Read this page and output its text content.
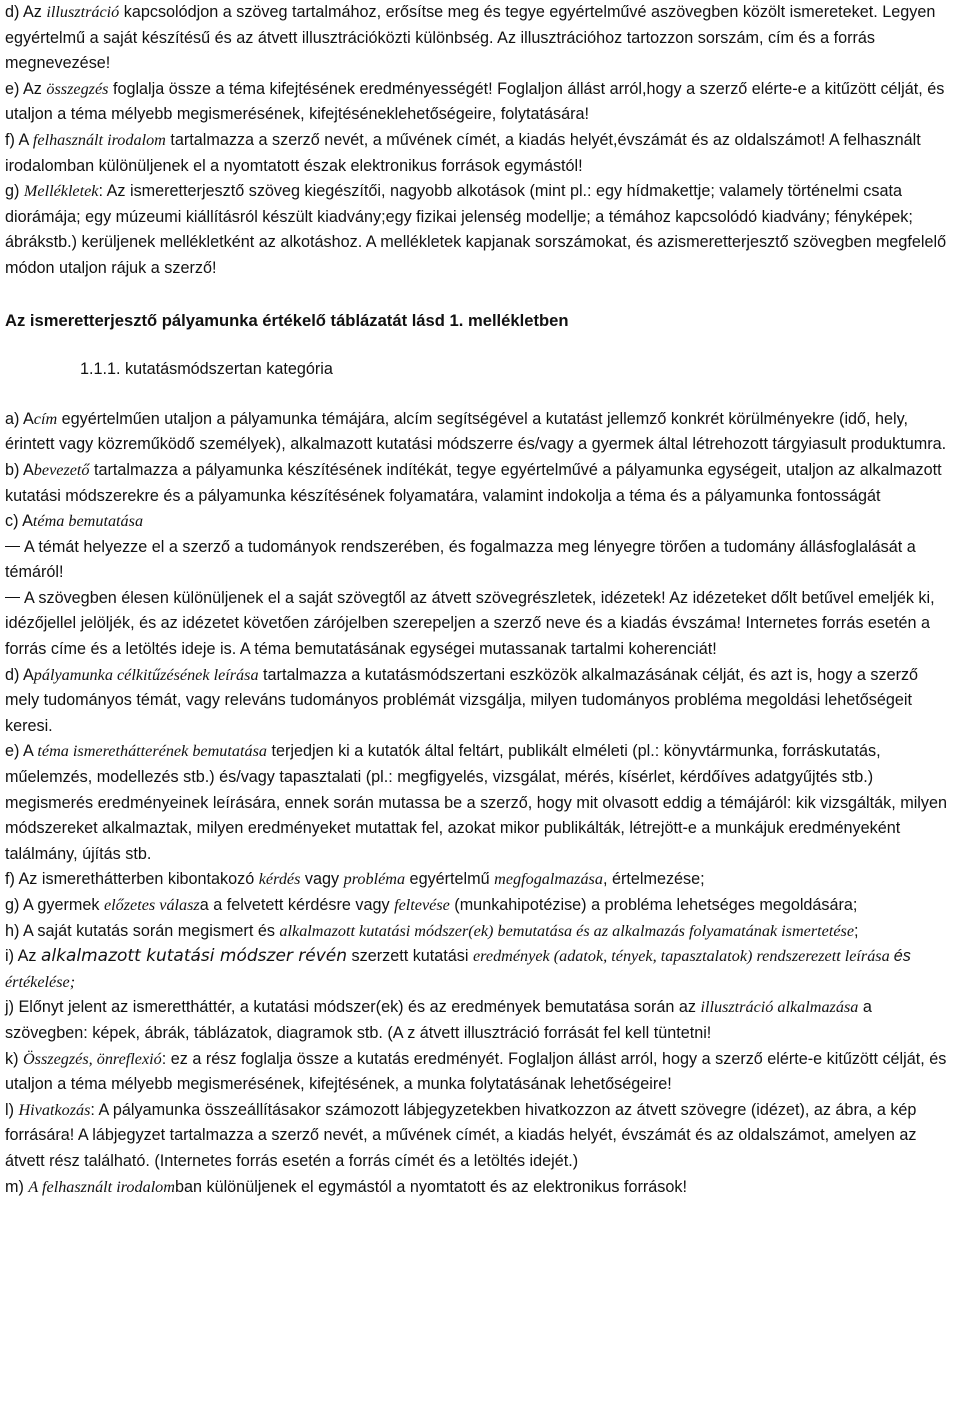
d) Az illusztráció kapcsolódjon a szöveg tartalmához, erősítse meg és tegye egyértelművé aszövegben közölt ismereteket. Legyen egyértelmű a saját készítésű és az átvett illusztrációközti különbség. Az illusztrációhoz tartozzon sorszám, cím és a forrás megnevezése!

e) Az összegzés foglalja össze a téma kifejtésének eredményességét! Foglaljon állást arról,hogy a szerző elérte-e a kitűzött célját, és utaljon a téma mélyebb megismerésének, kifejtéséneklehetőségeire, folytatására!

f) A felhasznált irodalom tartalmazza a szerző nevét, a művének címét, a kiadás helyét,évszámát és az oldalszámot! A felhasznált irodalomban különüljenek el a nyomtatott észak elektronikus források egymástól!

g) Mellékletek: Az ismeretterjesztő szöveg kiegészítői, nagyobb alkotások (mint pl.: egy hídmakettje; valamely történelmi csata diorámája; egy múzeumi kiállításról készült kiadvány;egy fizikai jelenség modellje; a témához kapcsolódó kiadvány; fényképek; ábrákstb.) kerüljenek mellékletként az alkotáshoz. A mellékletek kapjanak sorszámokat, és azismeretterjesztő szövegben megfelelő módon utaljon rájuk a szerző!

Az ismeretterjesztő pályamunka értékelő táblázatát lásd 1. mellékletben

1.1.1. kutatásmódszertan kategória

a) Acím egyértelműen utaljon a pályamunka témájára, alcím segítségével a kutatást jellemző konkrét körülményekre (idő, hely, érintett vagy közreműködő személyek), alkalmazott kutatási módszerre és/vagy a gyermek által létrehozott tárgyiasult produktumra.

b) Abevezető tartalmazza a pályamunka készítésének indítékát, tegye egyértelművé a pályamunka egységeit, utaljon az alkalmazott kutatási módszerekre és a pályamunka készítésének folyamatára, valamint indokolja a téma és a pályamunka fontosságát

c) Atéma bemutatása

A témát helyezze el a szerző a tudományok rendszerében, és fogalmazza meg lényegre törően a tudomány állásfoglalását a témáról!

A szövegben élesen különüljenek el a saját szövegtől az átvett szövegrészletek, idézetek! Az idézeteket dőlt betűvel emeljék ki, idézőjellel jelöljék, és az idézetet követően zárójelben szerepeljen a szerző neve és a kiadás évszáma! Internetes forrás esetén a forrás címe és a letöltés ideje is. A téma bemutatásának egységei mutassanak tartalmi koherenciát!

d) Apályamunka célkitűzésének leírása tartalmazza a kutatásmódszertani eszközök alkalmazásának célját, és azt is, hogy a szerző mely tudományos témát, vagy releváns tudományos problémát vizsgálja, milyen tudományos probléma megoldási lehetőségeit keresi.

e) A téma ismerethátterének bemutatása terjedjen ki a kutatók által feltárt, publikált elméleti (pl.: könyvtármunka, forráskutatás, műelemzés, modellezés stb.) és/vagy tapasztalati (pl.: megfigyelés, vizsgálat, mérés, kísérlet, kérdőíves adatgyűjtés stb.) megismerés eredményeinek leírására, ennek során mutassa be a szerző, hogy mit olvasott eddig a témájáról: kik vizsgálták, milyen módszereket alkalmaztak, milyen eredményeket mutattak fel, azokat mikor publikálták, létrejött-e a munkájuk eredményeként találmány, újítás stb.

f) Az ismerethátterben kibontakozó kérdés vagy probléma egyértelmű megfogalmazása, értelmezése;

g) A gyermek előzetes válasza a felvetett kérdésre vagy feltevése (munkahipotézise) a probléma lehetséges megoldására;

h) A saját kutatás során megismert és alkalmazott kutatási módszer(ek) bemutatása és az alkalmazás folyamatának ismertetése;

i) Az alkalmazott kutatási módszer révén szerzett kutatási eredmények (adatok, tények, tapasztalatok) rendszerezett leírása és értékelése;

j) Előnyt jelent az ismerettháttér, a kutatási módszer(ek) és az eredmények bemutatása során az illusztráció alkalmazása a szövegben: képek, ábrák, táblázatok, diagramok stb. (A z átvett illusztráció forrását fel kell tüntetni!

k) Összegzés, önreflexió: ez a rész foglalja össze a kutatás eredményét. Foglaljon állást arról, hogy a szerző elérte-e kitűzött célját, és utaljon a téma mélyebb megismerésének, kifejtésének, a munka folytatásának lehetőségeire!

l) Hivatkozás: A pályamunka összeállításakor számozott lábjegyzetekben hivatkozzon az átvett szövegre (idézet), az ábra, a kép forrására! A lábjegyzet tartalmazza a szerző nevét, a művének címét, a kiadás helyét, évszámát és az oldalszámot, amelyen az átvett rész található. (Internetes forrás esetén a forrás címét és a letöltés idejét.)

m) A felhasznált irodalomban különüljenek el egymástól a nyomtatott és az elektronikus források!
